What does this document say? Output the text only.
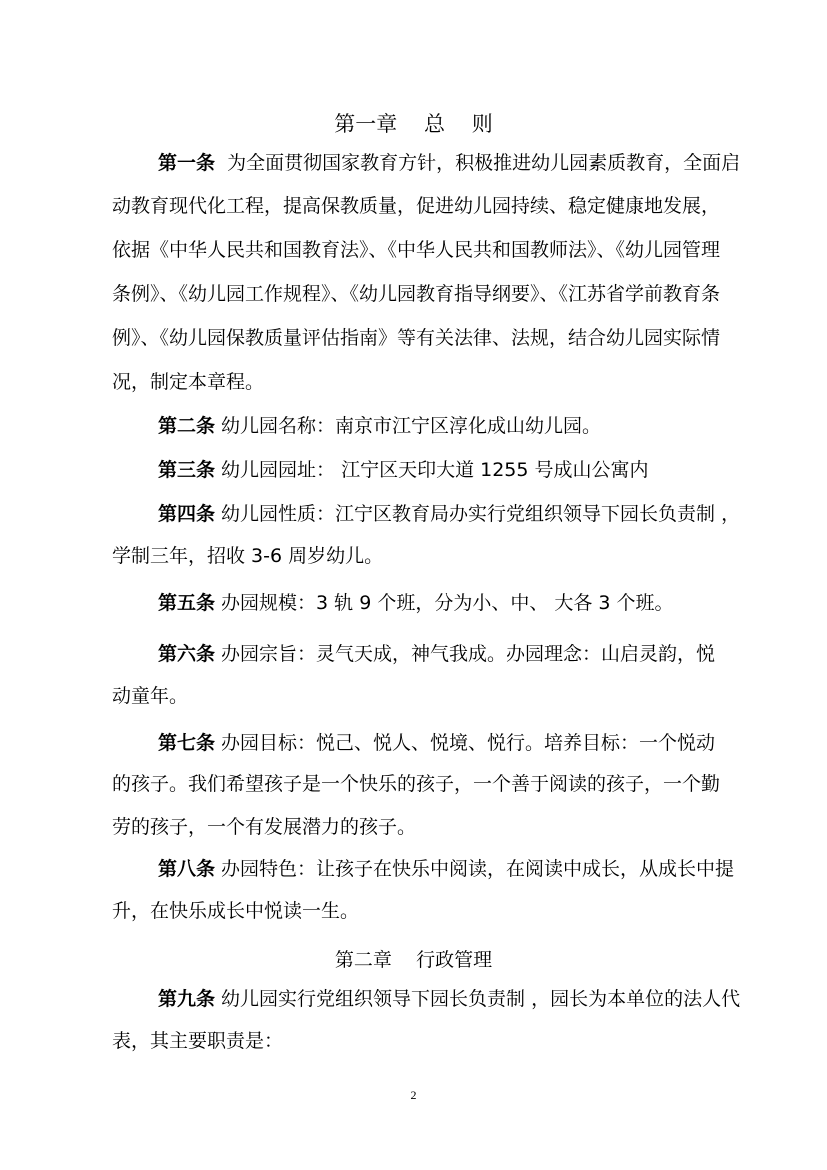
第一章    总    则
第一条  为全面贯彻国家教育方针，积极推进幼儿园素质教育，全面启
动教育现代化工程，提高保教质量，促进幼儿园持续、稳定健康地发展，
依据《中华人民共和国教育法》、《中华人民共和国教师法》、《幼儿园管理
条例》、《幼儿园工作规程》、《幼儿园教育指导纲要》、《江苏省学前教育条
例》、《幼儿园保教质量评估指南》等有关法律、法规，结合幼儿园实际情
况，制定本章程。
第二条 幼儿园名称：南京市江宁区淳化成山幼儿园。
第三条 幼儿园园址： 江宁区天印大道 1255 号成山公寓内
第四条 幼儿园性质：江宁区教育局办实行党组织领导下园长负责制 ，
学制三年，招收 3-6 周岁幼儿。
第五条 办园规模：3 轨 9 个班，分为小、中、 大各 3 个班。
第六条 办园宗旨：灵气天成，神气我成。办园理念：山启灵韵，悦
动童年。
第七条 办园目标：悦己、悦人、悦境、悦行。培养目标：一个悦动
的孩子。我们希望孩子是一个快乐的孩子，一个善于阅读的孩子，一个勤
劳的孩子，一个有发展潜力的孩子。
第八条 办园特色：让孩子在快乐中阅读，在阅读中成长，从成长中提
升，在快乐成长中悦读一生。
第二章    行政管理
第九条 幼儿园实行党组织领导下园长负责制 ，园长为本单位的法人代
表，其主要职责是：
2
